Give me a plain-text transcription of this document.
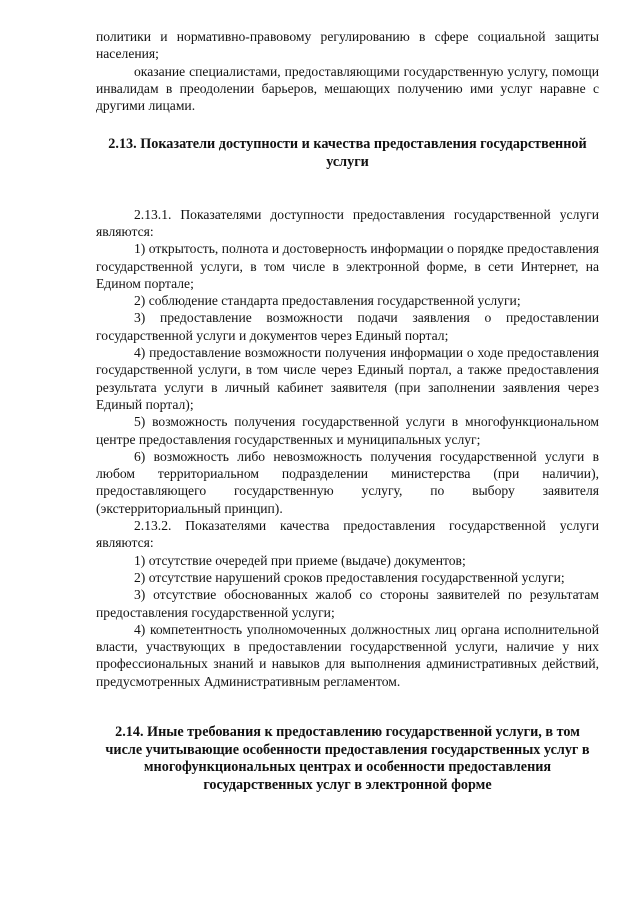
политики и нормативно-правовому регулированию в сфере социальной защиты населения;

оказание специалистами, предоставляющими государственную услугу, помощи инвалидам в преодолении барьеров, мешающих получению ими услуг наравне с другими лицами.

2.13. Показатели доступности и качества предоставления государственной услуги

2.13.1. Показателями доступности предоставления государственной услуги являются:

1) открытость, полнота и достоверность информации о порядке предоставления государственной услуги, в том числе в электронной форме, в сети Интернет, на Едином портале;

2) соблюдение стандарта предоставления государственной услуги;

3) предоставление возможности подачи заявления о предоставлении государственной услуги и документов через Единый портал;

4) предоставление возможности получения информации о ходе предоставления государственной услуги, в том числе через Единый портал, а также предоставления результата услуги в личный кабинет заявителя (при заполнении заявления через Единый портал);

5) возможность получения государственной услуги в многофункциональном центре предоставления государственных и муниципальных услуг;

6) возможность либо невозможность получения государственной услуги в любом территориальном подразделении министерства (при наличии), предоставляющего государственную услугу, по выбору заявителя (экстерриториальный принцип).

2.13.2. Показателями качества предоставления государственной услуги являются:

1) отсутствие очередей при приеме (выдаче) документов;

2) отсутствие нарушений сроков предоставления государственной услуги;

3) отсутствие обоснованных жалоб со стороны заявителей по результатам предоставления государственной услуги;

4) компетентность уполномоченных должностных лиц органа исполнительной власти, участвующих в предоставлении государственной услуги, наличие у них профессиональных знаний и навыков для выполнения административных действий, предусмотренных Административным регламентом.

2.14. Иные требования к предоставлению государственной услуги, в том числе учитывающие особенности предоставления государственных услуг в многофункциональных центрах и особенности предоставления государственных услуг в электронной форме
